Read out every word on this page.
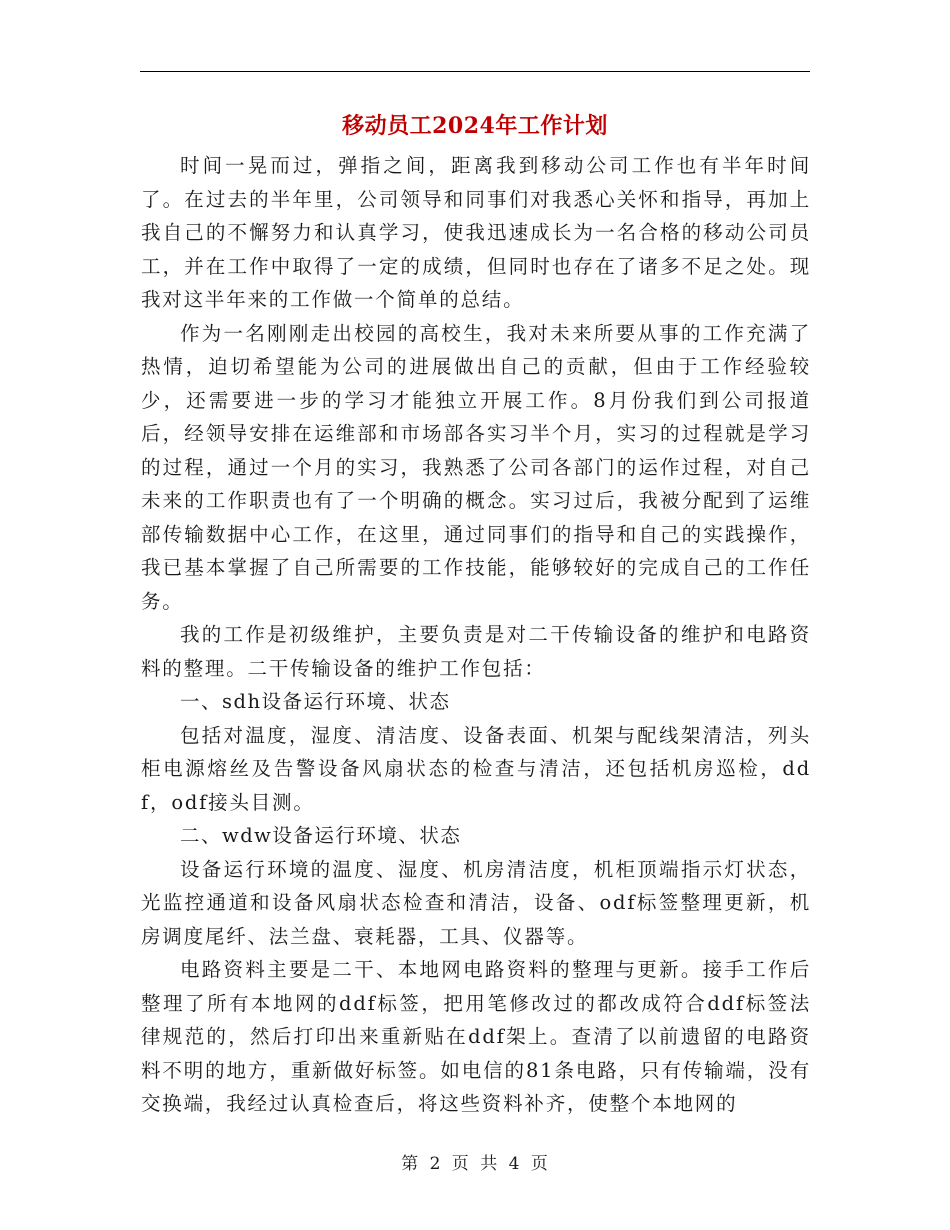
移动员工2024年工作计划

时间一晃而过，弹指之间，距离我到移动公司工作也有半年时间了。在过去的半年里，公司领导和同事们对我悉心关怀和指导，再加上我自己的不懈努力和认真学习，使我迅速成长为一名合格的移动公司员工，并在工作中取得了一定的成绩，但同时也存在了诸多不足之处。现我对这半年来的工作做一个简单的总结。

作为一名刚刚走出校园的高校生，我对未来所要从事的工作充满了热情，迫切希望能为公司的进展做出自己的贡献，但由于工作经验较少，还需要进一步的学习才能独立开展工作。8月份我们到公司报道后，经领导安排在运维部和市场部各实习半个月，实习的过程就是学习的过程，通过一个月的实习，我熟悉了公司各部门的运作过程，对自己未来的工作职责也有了一个明确的概念。实习过后，我被分配到了运维部传输数据中心工作，在这里，通过同事们的指导和自己的实践操作，我已基本掌握了自己所需要的工作技能，能够较好的完成自己的工作任务。

我的工作是初级维护，主要负责是对二干传输设备的维护和电路资料的整理。二干传输设备的维护工作包括：

一、sdh设备运行环境、状态

包括对温度，湿度、清洁度、设备表面、机架与配线架清洁，列头柜电源熔丝及告警设备风扇状态的检查与清洁，还包括机房巡检，ddf，odf接头目测。

二、wdw设备运行环境、状态

设备运行环境的温度、湿度、机房清洁度，机柜顶端指示灯状态，光监控通道和设备风扇状态检查和清洁，设备、odf标签整理更新，机房调度尾纤、法兰盘、衰耗器，工具、仪器等。

电路资料主要是二干、本地网电路资料的整理与更新。接手工作后整理了所有本地网的ddf标签，把用笔修改过的都改成符合ddf标签法律规范的，然后打印出来重新贴在ddf架上。查清了以前遗留的电路资料不明的地方，重新做好标签。如电信的81条电路，只有传输端，没有交换端，我经过认真检查后，将这些资料补齐，使整个本地网的

第 2 页 共 4 页
